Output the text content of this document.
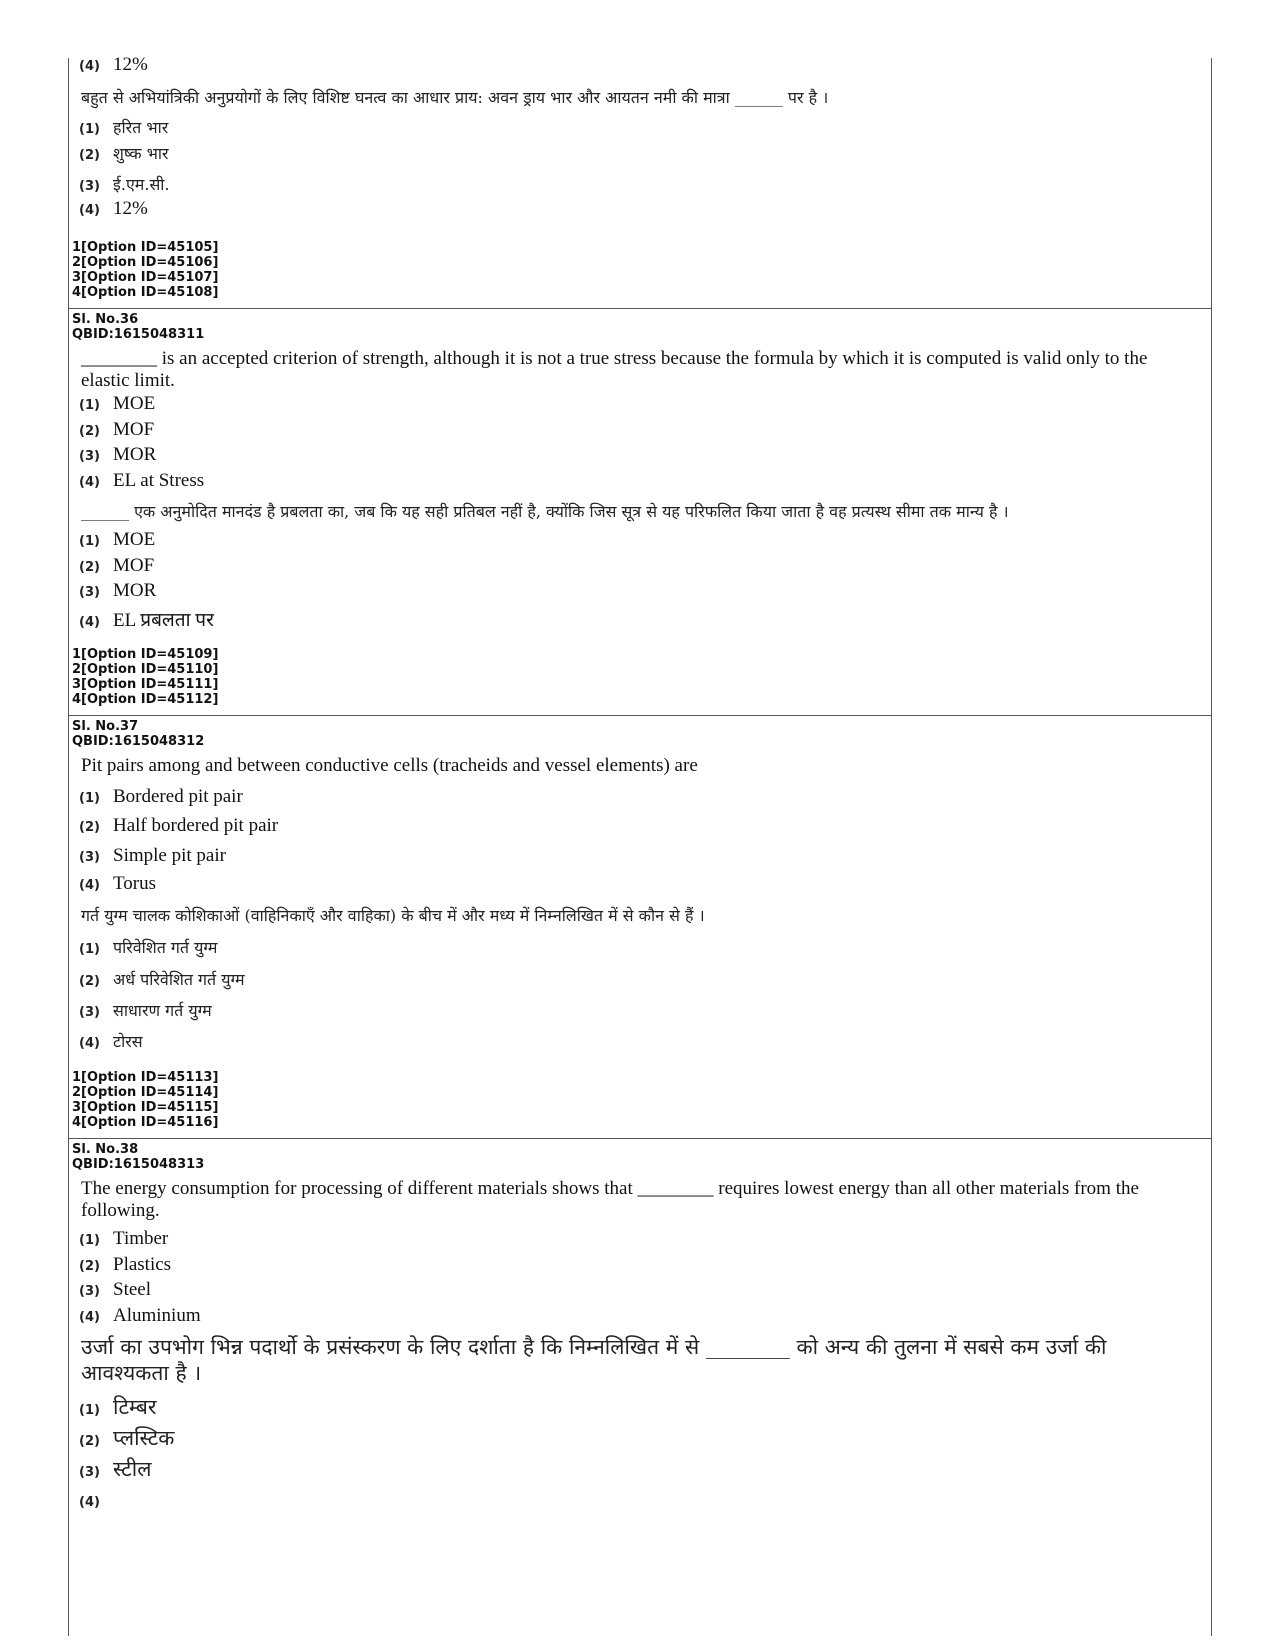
(4) 12%
बहुत से अभियांत्रिकी अनुप्रयोगों के लिए विशिष्ट घनत्व का आधार प्राय: अवन ड्राय भार और आयतन नमी की मात्रा ______ पर है ।
(1) हरित भार
(2) शुष्क भार
(3) ई.एम.सी.
(4) 12%
1[Option ID=45105]
2[Option ID=45106]
3[Option ID=45107]
4[Option ID=45108]
Sl. No.36
QBID:1615048311
________ is an accepted criterion of strength, although it is not a true stress because the formula by which it is computed is valid only to the elastic limit.
(1) MOE
(2) MOF
(3) MOR
(4) EL at Stress
______ एक अनुमोदित मानदंड है प्रबलता का, जब कि यह सही प्रतिबल नहीं है, क्योंकि जिस सूत्र से यह परिफलित किया जाता है वह प्रत्यस्थ सीमा तक मान्य है ।
(1) MOE
(2) MOF
(3) MOR
(4) EL प्रबलता पर
1[Option ID=45109]
2[Option ID=45110]
3[Option ID=45111]
4[Option ID=45112]
Sl. No.37
QBID:1615048312
Pit pairs among and between conductive cells (tracheids and vessel elements) are
(1) Bordered pit pair
(2) Half bordered pit pair
(3) Simple pit pair
(4) Torus
गर्त युग्म चालक कोशिकाओं (वाहिनिकाएँ और वाहिका) के बीच में और मध्य में निम्नलिखित में से कौन से हैं ।
(1) परिवेशित गर्त युग्म
(2) अर्ध परिवेशित गर्त युग्म
(3) साधारण गर्त युग्म
(4) टोरस
1[Option ID=45113]
2[Option ID=45114]
3[Option ID=45115]
4[Option ID=45116]
Sl. No.38
QBID:1615048313
The energy consumption for processing of different materials shows that ________ requires lowest energy than all other materials from the following.
(1) Timber
(2) Plastics
(3) Steel
(4) Aluminium
उर्जा का उपभोग भिन्न पदार्थो के प्रसंस्करण के लिए दर्शाता है कि निम्नलिखित में से ________ को अन्य की तुलना में सबसे कम उर्जा की आवश्यकता है ।
(1) टिम्बर
(2) प्लस्टिक
(3) स्टील
(4)
